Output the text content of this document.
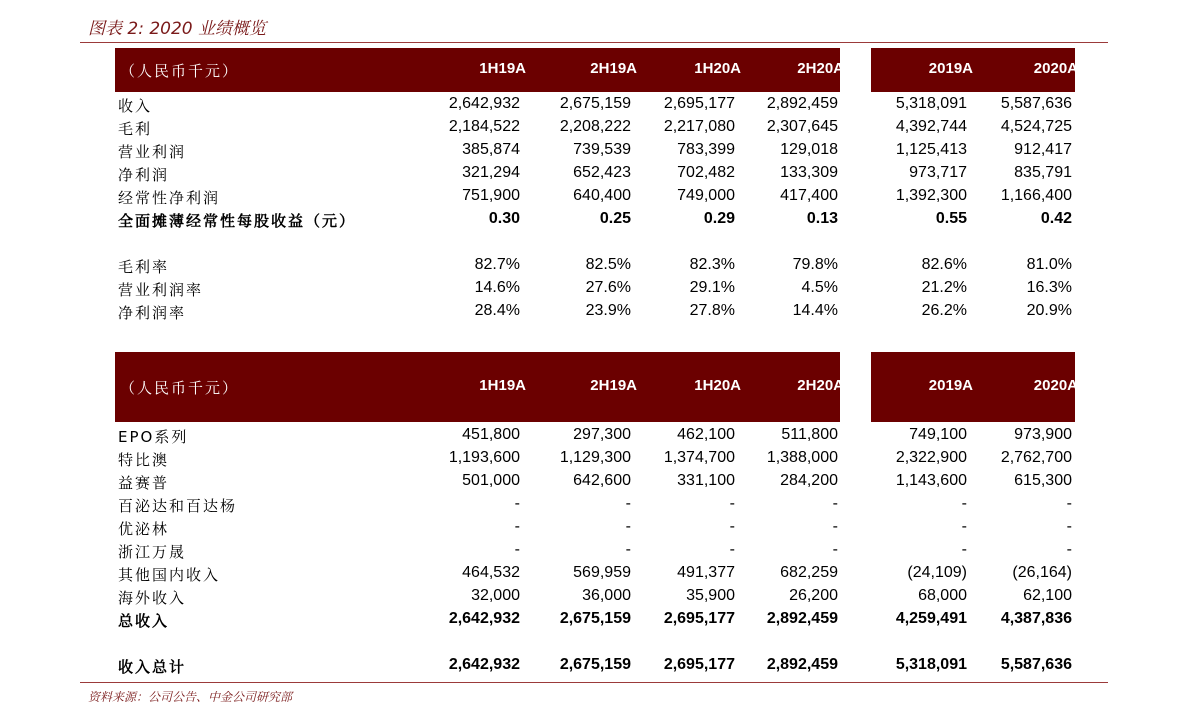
图表 2: 2020 业绩概览
（人民币千元）	1H19A	2H19A	1H20A	2H20A	2019A	2020A
收入	2,642,932	2,675,159	2,695,177	2,892,459	5,318,091	5,587,636
毛利	2,184,522	2,208,222	2,217,080	2,307,645	4,392,744	4,524,725
营业利润	385,874	739,539	783,399	129,018	1,125,413	912,417
净利润	321,294	652,423	702,482	133,309	973,717	835,791
经常性净利润	751,900	640,400	749,000	417,400	1,392,300	1,166,400
全面摊薄经常性每股收益（元）	0.30	0.25	0.29	0.13	0.55	0.42
毛利率	82.7%	82.5%	82.3%	79.8%	82.6%	81.0%
营业利润率	14.6%	27.6%	29.1%	4.5%	21.2%	16.3%
净利润率	28.4%	23.9%	27.8%	14.4%	26.2%	20.9%
（人民币千元）	1H19A	2H19A	1H20A	2H20A	2019A	2020A
EPO系列	451,800	297,300	462,100	511,800	749,100	973,900
特比澳	1,193,600	1,129,300	1,374,700	1,388,000	2,322,900	2,762,700
益赛普	501,000	642,600	331,100	284,200	1,143,600	615,300
百泌达和百达杨	-	-	-	-	-	-
优泌林	-	-	-	-	-	-
浙江万晟	-	-	-	-	-	-
其他国内收入	464,532	569,959	491,377	682,259	(24,109)	(26,164)
海外收入	32,000	36,000	35,900	26,200	68,000	62,100
总收入	2,642,932	2,675,159	2,695,177	2,892,459	4,259,491	4,387,836
收入总计	2,642,932	2,675,159	2,695,177	2,892,459	5,318,091	5,587,636
资料来源：公司公告、中金公司研究部
